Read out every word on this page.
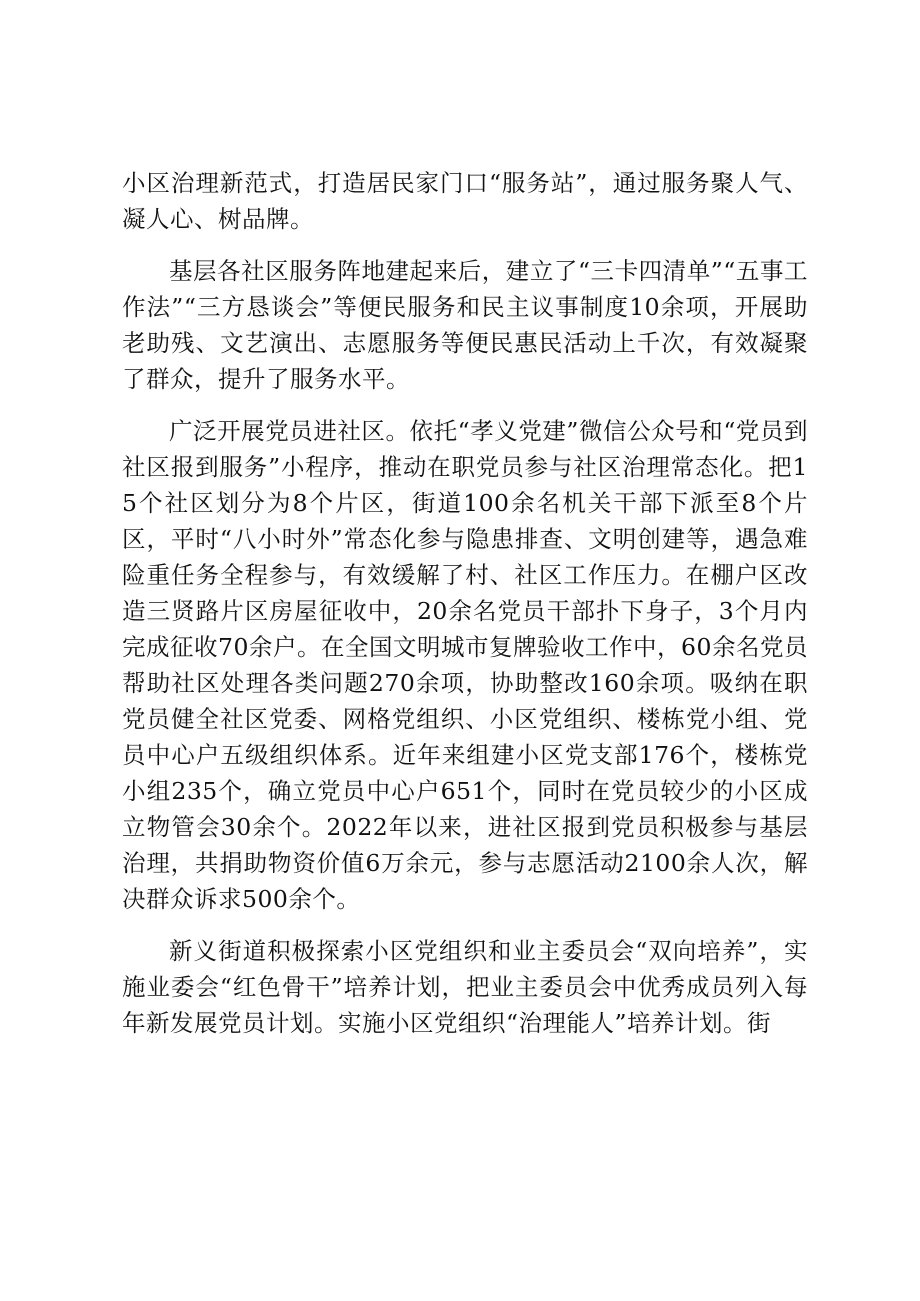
小区治理新范式，打造居民家门口“服务站”，通过服务聚人气、凝人心、树品牌。

基层各社区服务阵地建起来后，建立了“三卡四清单”“五事工作法”“三方恳谈会”等便民服务和民主议事制度10余项，开展助老助残、文艺演出、志愿服务等便民惠民活动上千次，有效凝聚了群众，提升了服务水平。

广泛开展党员进社区。依托“孝义党建”微信公众号和“党员到社区报到服务”小程序，推动在职党员参与社区治理常态化。把15个社区划分为8个片区，街道100余名机关干部下派至8个片区，平时“八小时外”常态化参与隐患排查、文明创建等，遇急难险重任务全程参与，有效缓解了村、社区工作压力。在棚户区改造三贤路片区房屋征收中，20余名党员干部扑下身子，3个月内完成征收70余户。在全国文明城市复牌验收工作中，60余名党员帮助社区处理各类问题270余项，协助整改160余项。吸纳在职党员健全社区党委、网格党组织、小区党组织、楼栋党小组、党员中心户五级组织体系。近年来组建小区党支部176个，楼栋党小组235个，确立党员中心户651个，同时在党员较少的小区成立物管会30余个。2022年以来，进社区报到党员积极参与基层治理，共捐助物资价值6万余元，参与志愿活动2100余人次，解决群众诉求500余个。

新义街道积极探索小区党组织和业主委员会“双向培养”，实施业委会“红色骨干”培养计划，把业主委员会中优秀成员列入每年新发展党员计划。实施小区党组织“治理能人”培养计划。街
